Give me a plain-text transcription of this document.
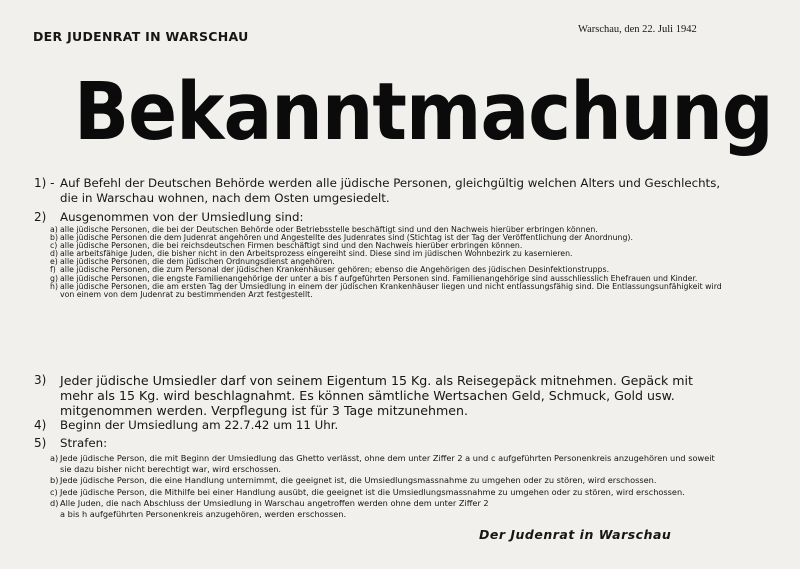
DER JUDENRAT IN WARSCHAU	Warschau, den 22. Juli 1942
Bekanntmachung
1) - Auf Befehl der Deutschen Behörde werden alle jüdische Personen, gleichgültig welchen Alters und Geschlechts, die in Warschau wohnen, nach dem Osten umgesiedelt.
2) Ausgenommen von der Umsiedlung sind:
a) alle jüdische Personen, die bei der Deutschen Behörde oder Betriebsstelle beschäftigt sind und den Nachweis hierüber erbringen können.
b) alle jüdische Personen die dem Judenrat angehören und Angestellte des Judenrates sind (Stichtag ist der Tag der Veröffentlichung der Anordnung).
c) alle jüdische Personen, die bei reichsdeutschen Firmen beschäftigt sind und den Nachweis hierüber erbringen können.
d) alle arbeitsfähige Juden, die bisher nicht in den Arbeitsprozess eingereiht sind. Diese sind im jüdischen Wohnbezirk zu kasernieren.
e) alle jüdische Personen, die dem jüdischen Ordnungsdienst angehören.
f) alle jüdische Personen, die zum Personal der jüdischen Krankenhäuser gehören; ebenso die Angehörigen des jüdischen Desinfektionstrupps.
g) alle jüdische Personen, die engste Familienangehörige der unter a bis f aufgeführten Personen sind. Familienangehörige sind ausschliesslich Ehefrauen und Kinder.
h) alle jüdische Personen, die am ersten Tag der Umsiedlung in einem der jüdischen Krankenhäuser liegen und nicht entlassungsfähig sind. Die Entlassungsunfähigkeit wird von einem von dem Judenrat zu bestimmenden Arzt festgestellt.
3) Jeder jüdische Umsiedler darf von seinem Eigentum 15 Kg. als Reisegepäck mitnehmen. Gepäck mit mehr als 15 Kg. wird beschlagnahmt. Es können sämtliche Wertsachen Geld, Schmuck, Gold usw. mitgenommen werden. Verpflegung ist für 3 Tage mitzunehmen.
4) Beginn der Umsiedlung am 22.7.42 um 11 Uhr.
5) Strafen:
a) Jede jüdische Person, die mit Beginn der Umsiedlung das Ghetto verlässt, ohne dem unter Ziffer 2 a und c aufgeführten Personenkreis anzugehören und soweit sie dazu bisher nicht berechtigt war, wird erschossen.
b) Jede jüdische Person, die eine Handlung unternimmt, die geeignet ist, die Umsiedlungsmassnahme zu umgehen oder zu stören, wird erschossen.
c) Jede jüdische Person, die Mithilfe bei einer Handlung ausübt, die geeignet ist die Umsiedlungsmassnahme zu umgehen oder zu stören, wird erschossen.
d) Alle Juden, die nach Abschluss der Umsiedlung in Warschau angetroffen werden ohne dem unter Ziffer 2 a bis h aufgeführten Personenkreis anzugehören, werden erschossen.
Der Judenrat in Warschau
